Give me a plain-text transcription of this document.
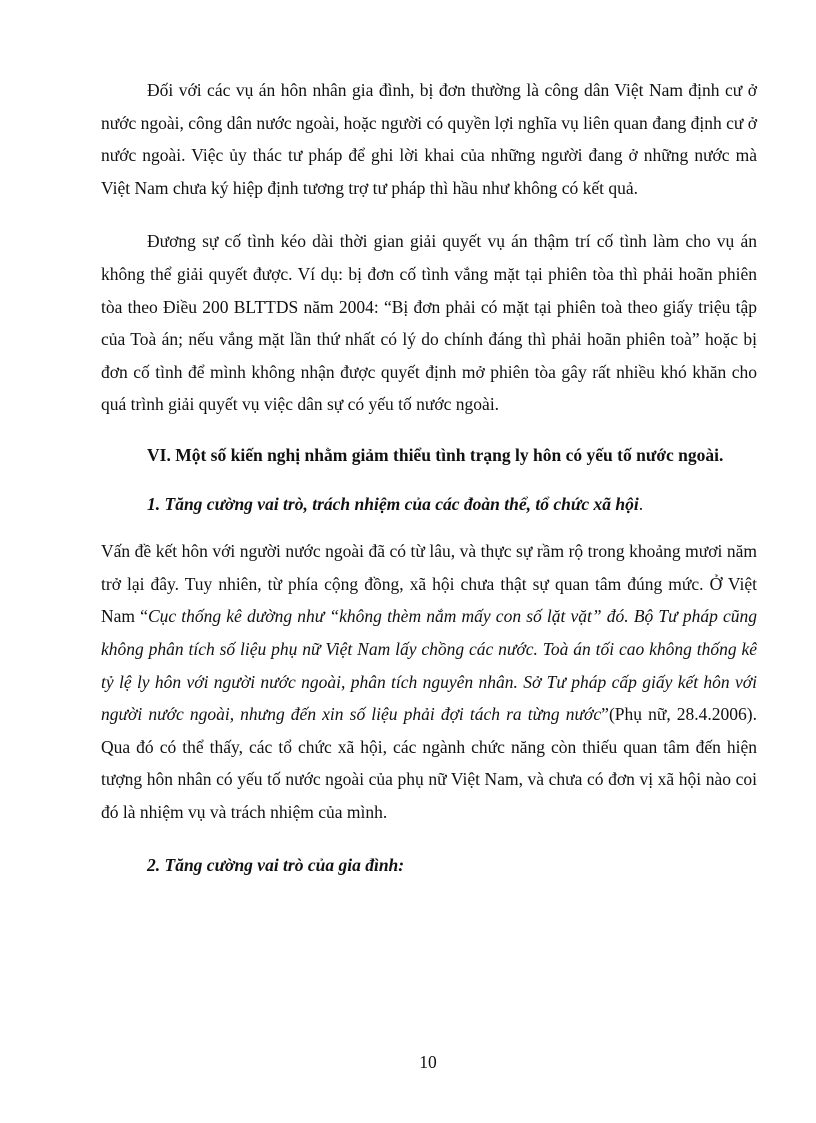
Đối với các vụ án hôn nhân gia đình, bị đơn thường là công dân Việt Nam định cư ở nước ngoài, công dân nước ngoài, hoặc người có quyền lợi nghĩa vụ liên quan đang định cư ở nước ngoài. Việc ủy thác tư pháp để ghi lời khai của những người đang ở những nước mà Việt Nam chưa ký hiệp định tương trợ tư pháp thì hầu như không có kết quả.

Đương sự cố tình kéo dài thời gian giải quyết vụ án thậm trí cố tình làm cho vụ án không thể giải quyết được. Ví dụ: bị đơn cố tình vắng mặt tại phiên tòa thì phải hoãn phiên tòa theo Điều 200 BLTTDS năm 2004: “Bị đơn phải có mặt tại phiên toà theo giấy triệu tập của Toà án; nếu vắng mặt lần thứ nhất có lý do chính đáng thì phải hoãn phiên toà” hoặc bị đơn cố tình để mình không nhận được quyết định mở phiên tòa gây rất nhiều khó khăn cho quá trình giải quyết vụ việc dân sự có yếu tố nước ngoài.

VI. Một số kiến nghị nhằm giảm thiểu tình trạng ly hôn có yếu tố nước ngoài.

1. Tăng cường vai trò, trách nhiệm của các đoàn thể, tổ chức xã hội.

Vấn đề kết hôn với người nước ngoài đã có từ lâu, và thực sự rầm rộ trong khoảng mươi năm trở lại đây. Tuy nhiên, từ phía cộng đồng, xã hội chưa thật sự quan tâm đúng mức. Ở Việt Nam “Cục thống kê dường như “không thèm nắm mấy con số lặt vặt” đó. Bộ Tư pháp cũng không phân tích số liệu phụ nữ Việt Nam lấy chồng các nước. Toà án tối cao không thống kê tỷ lệ ly hôn với người nước ngoài, phân tích nguyên nhân. Sở Tư pháp cấp giấy kết hôn với người nước ngoài, nhưng đến xin số liệu phải đợi tách ra từng nước”(Phụ nữ, 28.4.2006). Qua đó có thể thấy, các tổ chức xã hội, các ngành chức năng còn thiếu quan tâm đến hiện tượng hôn nhân có yếu tố nước ngoài của phụ nữ Việt Nam, và chưa có đơn vị xã hội nào coi đó là nhiệm vụ và trách nhiệm của mình.

2. Tăng cường vai trò của gia đình:

10
